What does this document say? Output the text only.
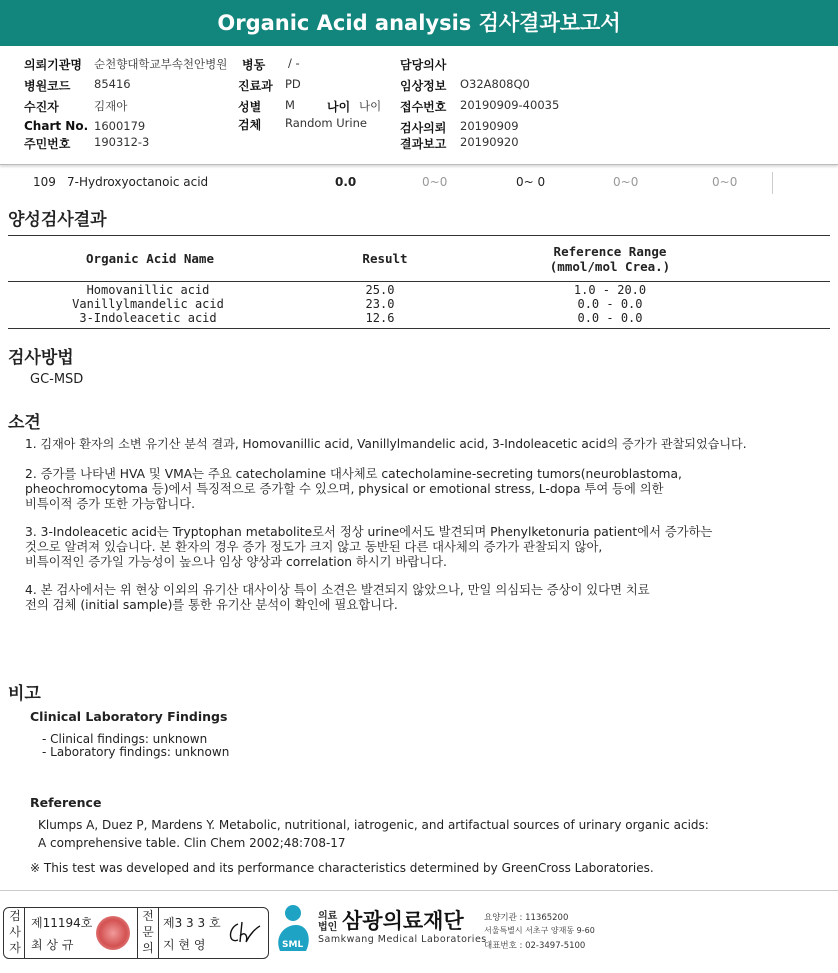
Organic Acid analysis 검사결과보고서
의뢰기관명 순천향대학교부속천안병원 병동 / -	담당의사
병원코드 85416	진료과 PD	임상정보 O32A808Q0
수진자	김재아	성별 M	나이 나이 접수번호 20190909-40035
Chart No. 1600179	검체 Random Urine	검사의뢰 20190909
주민번호 190312-3	결과보고 20190920
109 7-Hydroxyoctanoic acid	0.0	0~0	0~ 0	0~0	0~0
양성검사결과
Organic Acid Name	Result	Reference Range
(mmol/mol Crea.)
Homovanillic acid	25.0	1.0 - 20.0
Vanillylmandelic acid	23.0	0.0 - 0.0
3-Indoleacetic acid	12.6	0.0 - 0.0
검사방법
GC-MSD
소견
1. 김재아 환자의 소변 유기산 분석 결과, Homovanillic acid, Vanillylmandelic acid, 3-Indoleacetic acid의 증가가 관찰되었습니다.
2. 증가를 나타낸 HVA 및 VMA는 주요 catecholamine 대사체로 catecholamine-secreting tumors(neuroblastoma,
pheochromocytoma 등)에서 특징적으로 증가할 수 있으며, physical or emotional stress, L-dopa 투여 등에 의한
비특이적 증가 또한 가능합니다.
3. 3-Indoleacetic acid는 Tryptophan metabolite로서 정상 urine에서도 발견되며 Phenylketonuria patient에서 증가하는
것으로 알려져 있습니다. 본 환자의 경우 증가 정도가 크지 않고 동반된 다른 대사체의 증가가 관찰되지 않아,
비특이적인 증가일 가능성이 높으나 임상 양상과 correlation 하시기 바랍니다.
4. 본 검사에서는 위 현상 이외의 유기산 대사이상 특이 소견은 발견되지 않았으나, 만일 의심되는 증상이 있다면 치료
전의 검체 (initial sample)를 통한 유기산 분석이 확인에 필요합니다.
비고
Clinical Laboratory Findings
- Clinical findings: unknown
- Laboratory findings: unknown
Reference
Klumps A, Duez P, Mardens Y. Metabolic, nutritional, iatrogenic, and artifactual sources of urinary organic acids:
A comprehensive table. Clin Chem 2002;48:708-17
※ This test was developed and its performance characteristics determined by GreenCross Laboratories.
검사자
제11194호
최 상 규
전문의
제3 3 3 호
지 현 영	SML
의료
법인 삼광의료재단
Samkwang Medical Laboratories
요양기관 : 11365200
서울특별시 서초구 양재동 9-60
대표번호 : 02-3497-5100
